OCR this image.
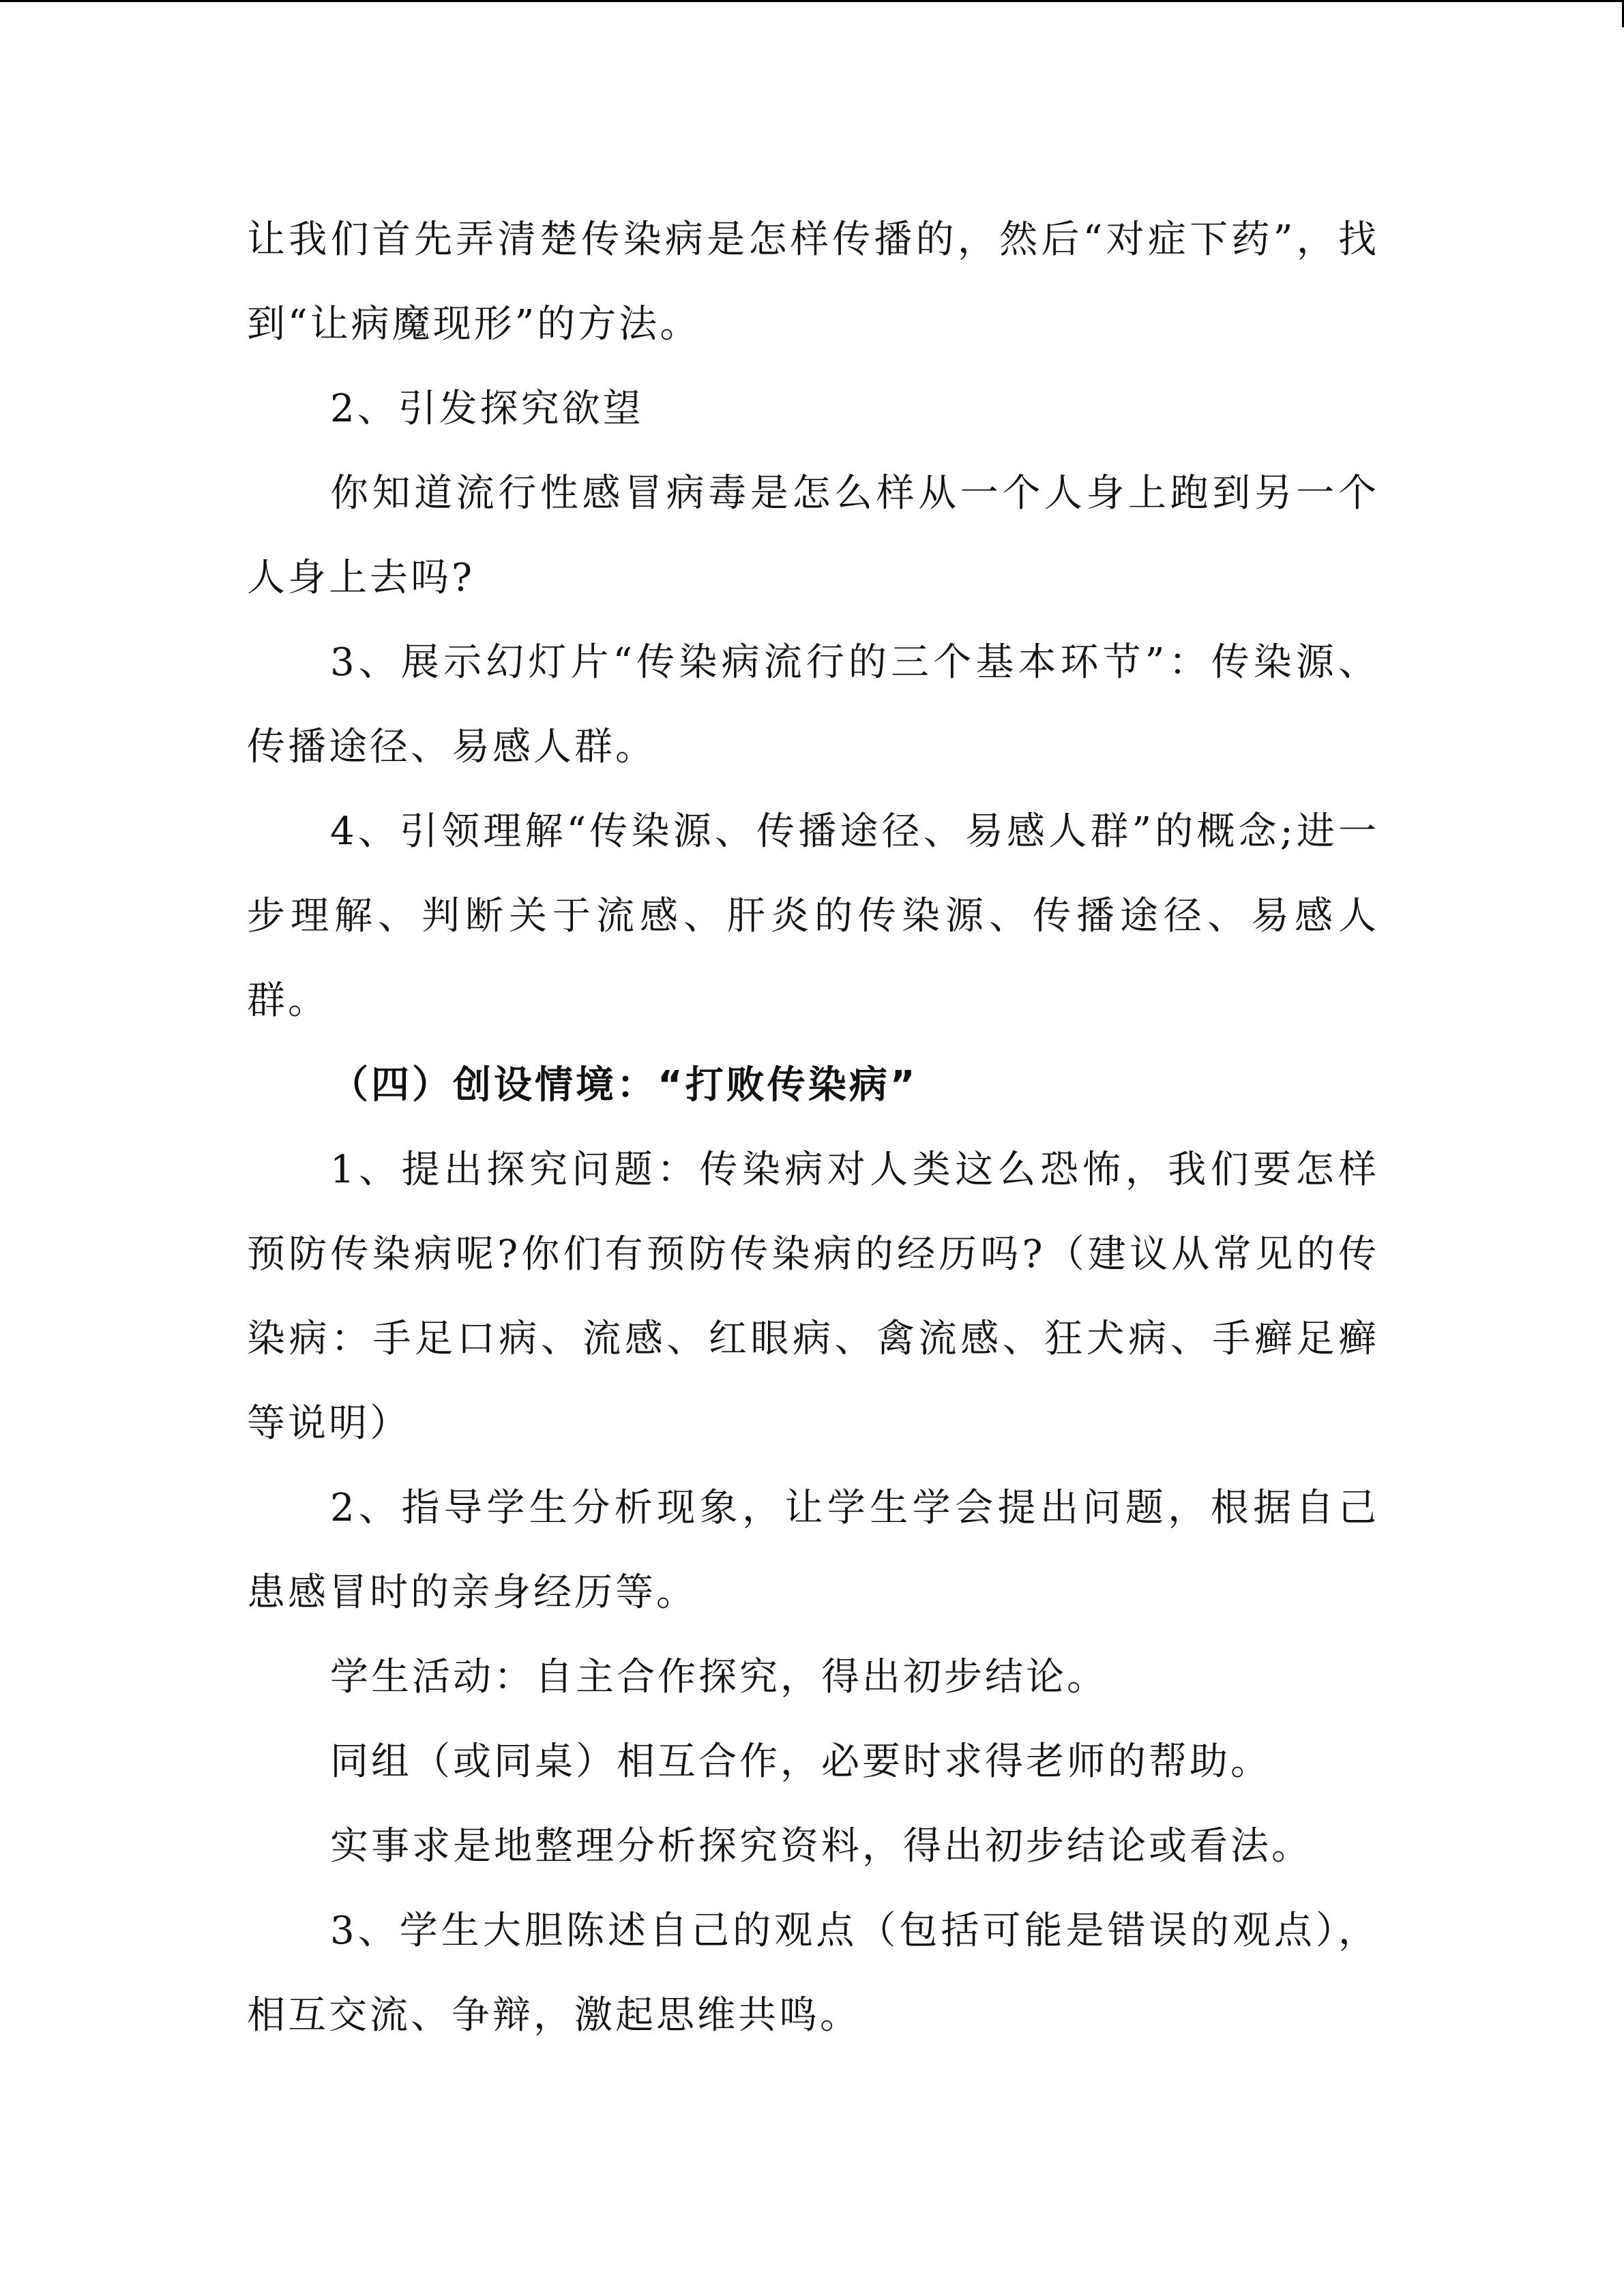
让我们首先弄清楚传染病是怎样传播的，然后“对症下药”，找到“让病魔现形”的方法。

2、引发探究欲望

你知道流行性感冒病毒是怎么样从一个人身上跑到另一个人身上去吗?

3、展示幻灯片“传染病流行的三个基本环节”：传染源、传播途径、易感人群。

4、引领理解“传染源、传播途径、易感人群”的概念;进一步理解、判断关于流感、肝炎的传染源、传播途径、易感人群。

（四）创设情境：“打败传染病”

1、提出探究问题：传染病对人类这么恐怖，我们要怎样预防传染病呢?你们有预防传染病的经历吗?（建议从常见的传染病：手足口病、流感、红眼病、禽流感、狂犬病、手癣足癣等说明）

2、指导学生分析现象，让学生学会提出问题，根据自己患感冒时的亲身经历等。

学生活动：自主合作探究，得出初步结论。

同组（或同桌）相互合作，必要时求得老师的帮助。

实事求是地整理分析探究资料，得出初步结论或看法。

3、学生大胆陈述自己的观点（包括可能是错误的观点），相互交流、争辩，激起思维共鸣。
